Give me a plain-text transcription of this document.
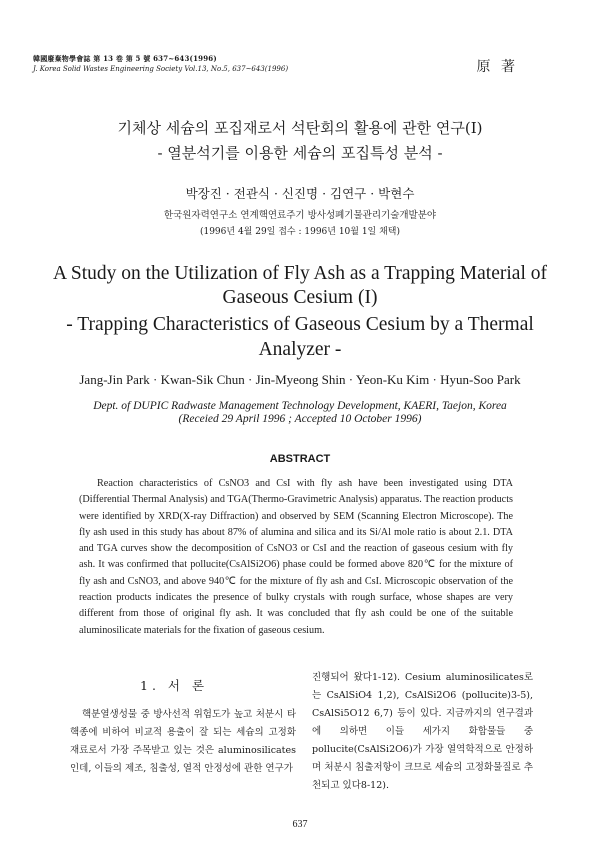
韓國廢棄物學會誌 第 13 卷 第 5 號 637~643(1996)
J. Korea Solid Wastes Engineering Society Vol.13, No.5, 637~643(1996)	原 著
기체상 세슘의 포집재로서 석탄회의 활용에 관한 연구(I)
- 열분석기를 이용한 세슘의 포집특성 분석 -
박장진 · 전관식 · 신진명 · 김연구 · 박현수
한국원자력연구소 연계핵연료주기 방사성폐기물관리기술개발분야
(1996년 4월 29일 접수 : 1996년 10월 1일 채택)
A Study on the Utilization of Fly Ash as a Trapping Material of
Gaseous Cesium (I)
- Trapping Characteristics of Gaseous Cesium by a Thermal
Analyzer -
Jang-Jin Park · Kwan-Sik Chun · Jin-Myeong Shin · Yeon-Ku Kim · Hyun-Soo Park
Dept. of DUPIC Radwaste Management Technology Development, KAERI, Taejon, Korea
(Receied 29 April 1996 ; Accepted 10 October 1996)
ABSTRACT

Reaction characteristics of CsNO3 and CsI with fly ash have been investigated using DTA (Differential Thermal Analysis) and TGA(Thermo-Gravimetric Analysis) apparatus. The reaction products were identified by XRD(X-ray Diffraction) and observed by SEM (Scanning Electron Microscope). The fly ash used in this study has about 87% of alumina and silica and its Si/Al mole ratio is about 2.1. DTA and TGA curves show the decomposition of CsNO3 or CsI and the reaction of gaseous cesium with fly ash. It was confirmed that pollucite(CsAlSi2O6) phase could be formed above 820℃ for the mixture of fly ash and CsNO3, and above 940℃ for the mixture of fly ash and CsI. Microscopic observation of the reaction products indicates the presence of bulky crystals with rough surface, whose shapes are very different from those of original fly ash. It was concluded that fly ash could be one of the suitable aluminosilicate materials for the fixation of gaseous cesium.

1. 서 론

핵분열생성물 중 방사선적 위험도가 높고 처분시 타 핵종에 비하여 비교적 용출이 잘 되는 세슘의 고정화 재료로서 가장 주목받고 있는 것은 aluminosilicates 인데, 이들의 제조, 침출성, 열적 안정성에 관한 연구가

진행되어 왔다1-12). Cesium aluminosilicates로는 CsAlSiO4 1,2), CsAlSi2O6 (pollucite)3-5), CsAlSi5O12 6,7) 등이 있다. 지금까지의 연구결과에 의하면 이들 세가지 화합물들 중 pollucite(CsAlSi2O6)가 가장 열역학적으로 안정하며 처분시 침출저항이 크므로 세슘의 고정화물질로 추천되고 있다8-12).

637
